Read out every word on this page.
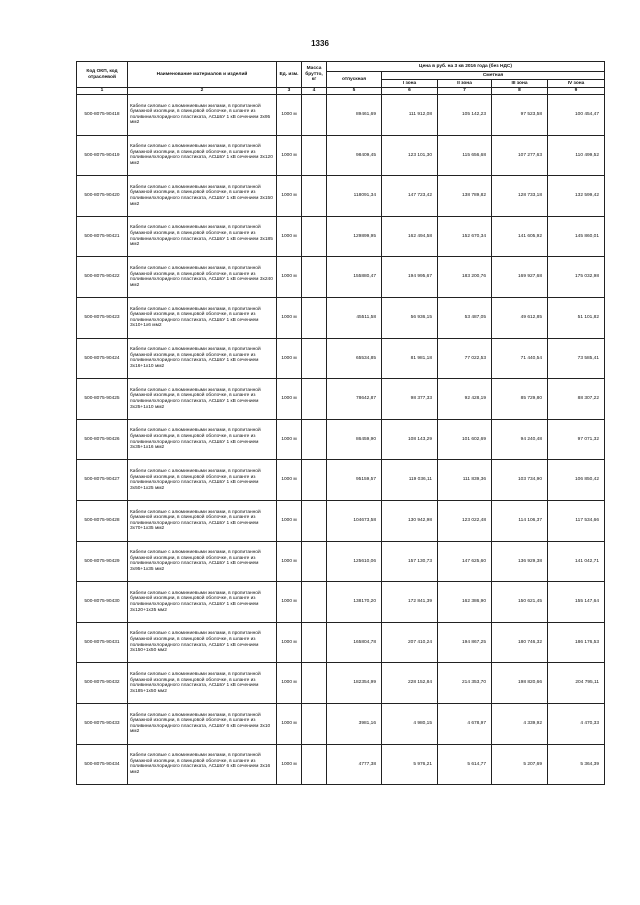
1336
Код ОКП, код отраслевой	Наименование материалов и изделий	Ед. изм.	Масса брутто, кг	Цена в руб. на 3 кв 2016 года (без НДС)				
				отпускная	Сметная			
					I зона	II зона	III зона	IV зона
1	2	3	4	5	6	7	8	9
500-8075-90418	Кабели силовые с алюминиевыми жилами, в пропитанной бумажной изоляции, в свинцовой оболочке, в шланге из поливинилхлоридного пластиката, АСШвУ 1 кВ сечением 3х95 мм2	1000 м		89461,69	111 912,08	105 142,23	97 523,58	100 454,47
500-8075-90419	Кабели силовые с алюминиевыми жилами, в пропитанной бумажной изоляции, в свинцовой оболочке, в шланге из поливинилхлоридного пластиката, АСШвУ 1 кВ сечением 3х120 мм2	1000 м		98409,45	123 101,30	115 656,68	107 277,63	110 499,52
500-8075-90420	Кабели силовые с алюминиевыми жилами, в пропитанной бумажной изоляции, в свинцовой оболочке, в шланге из поливинилхлоридного пластиката, АСШвУ 1 кВ сечением 3х150 мм2	1000 м		118091,34	147 723,42	138 789,82	128 733,18	132 599,42
500-8075-90421	Кабели силовые с алюминиевыми жилами, в пропитанной бумажной изоляции, в свинцовой оболочке, в шланге из поливинилхлоридного пластиката, АСШвУ 1 кВ сечением 3х185 мм2	1000 м		129899,95	162 494,58	152 670,34	141 605,92	145 860,01
500-8075-90422	Кабели силовые с алюминиевыми жилами, в пропитанной бумажной изоляции, в свинцовой оболочке, в шланге из поливинилхлоридного пластиката, АСШвУ 1 кВ сечением 3х240 мм2	1000 м		155880,47	194 995,67	183 200,76	169 927,68	175 032,98
500-8075-90423	Кабели силовые с алюминиевыми жилами, в пропитанной бумажной изоляции, в свинцовой оболочке, в шланге из поливинилхлоридного пластиката, АСШвУ 1 кВ сечением 3х10+1х6 мм2	1000 м		45511,58	56 936,15	53 487,05	49 612,85	51 101,82
500-8075-90424	Кабели силовые с алюминиевыми жилами, в пропитанной бумажной изоляции, в свинцовой оболочке, в шланге из поливинилхлоридного пластиката, АСШвУ 1 кВ сечением 3х16+1х10 мм2	1000 м		65534,85	81 981,18	77 022,53	71 440,54	73 585,41
500-8075-90425	Кабели силовые с алюминиевыми жилами, в пропитанной бумажной изоляции, в свинцовой оболочке, в шланге из поливинилхлоридного пластиката, АСШвУ 1 кВ сечением 3х25+1х10 мм2	1000 м		78642,87	98 377,33	92 428,19	85 729,80	88 307,22
500-8075-90426	Кабели силовые с алюминиевыми жилами, в пропитанной бумажной изоляции, в свинцовой оболочке, в шланге из поливинилхлоридного пластиката, АСШвУ 1 кВ сечением 3х35+1х16 мм2	1000 м		86459,90	108 143,29	101 602,69	94 240,48	97 071,32
500-8075-90427	Кабели силовые с алюминиевыми жилами, в пропитанной бумажной изоляции, в свинцовой оболочке, в шланге из поливинилхлоридного пластиката, АСШвУ 1 кВ сечением 3х50+1х25 мм2	1000 м		95159,57	119 036,11	111 839,36	103 734,90	106 850,42
500-8075-90428	Кабели силовые с алюминиевыми жилами, в пропитанной бумажной изоляции, в свинцовой оболочке, в шланге из поливинилхлоридного пластиката, АСШвУ 1 кВ сечением 3х70+1х35 мм2	1000 м		104673,58	130 942,98	123 022,48	114 106,37	117 534,66
500-8075-90429	Кабели силовые с алюминиевыми жилами, в пропитанной бумажной изоляции, в свинцовой оболочке, в шланге из поливинилхлоридного пластиката, АСШвУ 1 кВ сечением 3х95+1х35 мм2	1000 м		125610,06	157 130,73	147 625,60	136 929,38	141 042,71
500-8075-90430	Кабели силовые с алюминиевыми жилами, в пропитанной бумажной изоляции, в свинцовой оболочке, в шланге из поливинилхлоридного пластиката, АСШвУ 1 кВ сечением 3х120+1х35 мм2	1000 м		138170,20	172 841,39	162 386,90	150 621,45	155 147,64
500-8075-90431	Кабели силовые с алюминиевыми жилами, в пропитанной бумажной изоляции, в свинцовой оболочке, в шланге из поливинилхлоридного пластиката, АСШвУ 1 кВ сечением 3х150+1х50 мм2	1000 м		165804,78	207 410,24	194 867,25	180 746,32	186 176,53
500-8075-90432	Кабели силовые с алюминиевыми жилами, в пропитанной бумажной изоляции, в свинцовой оболочке, в шланге из поливинилхлоридного пластиката, АСШвУ 1 кВ сечением 3х185+1х50 мм2	1000 м		182354,99	228 152,84	214 353,70	198 820,66	204 795,11
500-8075-90433	Кабели силовые с алюминиевыми жилами, в пропитанной бумажной изоляции, в свинцовой оболочке, в шланге из поливинилхлоридного пластиката, АСШвУ 6 кВ сечением 3х10 мм2	1000 м		3981,16	4 980,15	4 678,97	4 339,92	4 470,33
500-8075-90434	Кабели силовые с алюминиевыми жилами, в пропитанной бумажной изоляции, в свинцовой оболочке, в шланге из поливинилхлоридного пластиката, АСШвУ 6 кВ сечением 3х16 мм2	1000 м		4777,38	5 976,21	5 614,77	5 207,69	5 364,39
